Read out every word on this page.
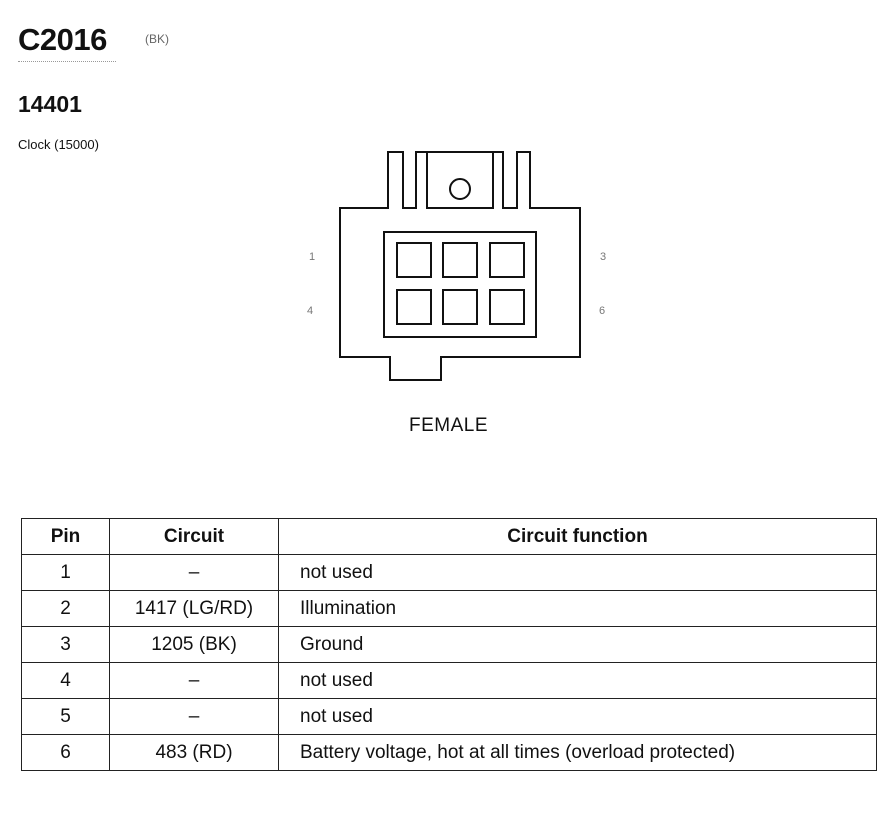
C2016	(BK)
14401
Clock (15000)
1
4
3
6
FEMALE
Pin	Circuit	Circuit function
1	–	not used
2	1417 (LG/RD)	Illumination
3	1205 (BK)	Ground
4	–	not used
5	–	not used
6	483 (RD)	Battery voltage, hot at all times (overload protected)
